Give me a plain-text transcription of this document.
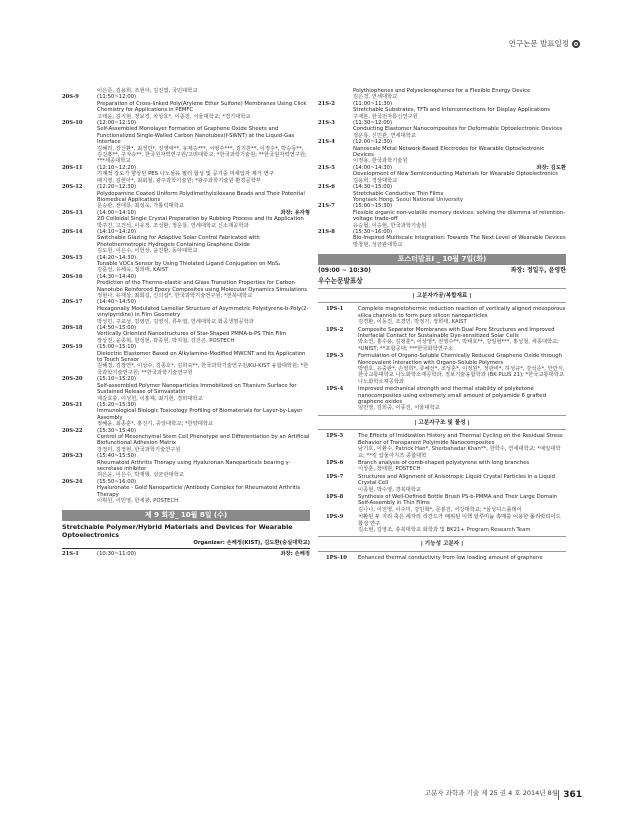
연구논문 발표일정
이은준, 김용희, 조현아, 김진엽, 국민대학교
20S-9	(11:50~12:00)
Preparation of Cross-linked Poly(Arylene Ether Sulfone) Membranes Using Click Chemistry for Applications in PEMFC
고태윤, 김기현, 정보경, 차상호*, 이종진, 서울대학교; *경기대학교
20S-10	(12:00~12:10)
Self-Assembled Monolayer Formation of Graphene Oxide Sheets and Functionalized Single-Walled Carbon Nanotubes(f-SWNT) at the Liquid-Gas Interface
김혜리, 강신환*, 최성민*, 장영애**, 유제승***, 서영수***, 김기찬**, 이정수*, 박승동**, 김진홍**, 구자승**, 한국원자력연구원/고려대학교; *한국과학기술원; **한국원자력연구원; ***세종대학교
20S-11	(12:10~12:20)
기계적 강도가 향상된 PES 나노섬유 필터 합성 및 공기중 미세입자 제거 연구
배지영, 김현아*, 최회철, 광주과학기술원; *광주과학기술원 환경공학부
20S-12	(12:20~12:30)
Polydopamine Coated Uniform Polydimethylsiloxane Beads and Their Potential Biomedical Applications
문승관, 전대룡, 최성욱, 가톨릭대학교
20S-13	(14:00~14:10)	좌장: 유자형
2D Colloidal Single Crystal Preparation by Rubbing Process and Its Application
박주진, 고건석, 이유정, 조성환, 정운룡, 연세대학교 신소재공학과
20S-14	(14:10~14:20)
Switchable Glazing for Adaptive Solar Control Fabricated with Photothermotropic Hydrogels Containing Graphene Oxide
김도원, 이은수, 이헌상, 윤진환, 동아대학교
20S-15	(14:20~14:30)
Tunable VOCs Sensor by Using Thiolated Ligand Conjugation on MoS₂
김준선, 유해욱, 정희태, KAIST
20S-16	(14:30~14:40)
Prediction of the Thermo-elastic and Glass Transition Properties for Carbon Nanotube Reinforced Epoxy Composites using Molecular Dynamics Simulations
정현나, 유재상, 최회길, 신의섭*, 한국과학기술연구원; *전북대학교
20S-17	(14:40~14:50)
Hexagonally Modulated Lamellar Structure of Asymmetric Polystyrene-b-Poly(2-vinylpyridine) in Film Geometry
박성민, 구교성, 김영민, 김영식, 류두열, 연세대학교 화공생명공학과
20S-18	(14:50~15:00)
Vertically Oriented Nanostructures of Star-Shaped PMMA-b-PS Thin Film
장상진, 윤종혁, 한성현, 곽종현, 박지철, 김진곤, POSTECH
20S-19	(15:00~15:10)
Dielectric Elastomer Based on Alkylamine-Modified MWCNT and Its Application to Touch Sensor
김혜경, 김장연*, 이상수, 김종호*, 김희숙**, 한국과학기술연구원/KU-KIST 융합대학원; *한국과학기술연구원; **한국과학기술연구원
20S-20	(15:10~15:20)
Self-assembled Polymer Nanoparticles Immobilized on Titanium Surface for Sustained Release of Simvastatin
제갈호충, 이성헌, 이홍재, 최기현, 경희대학교
20S-21	(15:20~15:30)
Immunological Biologic Toxicology Profiling of Biomaterials for Layer-by-Layer Assembly
정혜윤, 최종훈*, 홍진기, 중앙대학교; *한양대학교
20S-22	(15:30~15:40)
Control of Mesenchymal Stem Cell Phenotype and Differentiation by an Artificial Biofunctional Adhesion Matrix
강정미, 김정현, 한국과학기술연구원
20S-23	(15:40~15:50)
Rheumatoid Arthritis Therapy using Hyaluronan Nanoparticels bearing γ-secretase inhibitor
허은윤, 이은수, 박재형, 성균관대학교
20S-24	(15:50~16:00)
Hyaluronate - Gold Nanoparticle /Antibody Complex for Rheumatoid Arthritis Therapy
이휘원, 이민영, 한세광, POSTECH
제 9 회장_ 10월 8일 (수)
Stretchable Polymer/Hybrid Materials and Devices for Wearable Optoelectronics
Organizer: 손해정(KIST), 김도환(숭실대학교)
21S-1	(10:30~11:00)	좌장: 손해정
Polythiophenes and Polyselenophenes for a Flexible Energy Device
김은경, 연세대학교
21S-2	(11:00~11:30)
Stretchable Substrates, TFTs and Interconnections for Display Applications
구재본, 한국전자통신연구원
21S-3	(11:30~12:00)
Conducting Elastomer Nanocomposites for Deformable Optoelectronic Devices
정운룡, 신민관, 연세대학교
21S-4	(12:00~12:30)
Nanoscale Metal Network-Based Electrodes for Wearable Optoelectronic Devices
이정용, 한국과학기술원
21S-5	(14:00~14:30)	좌장: 김도환
Development of New Semiconducting Materials for Wearable Optoelectronics
김용희, 경상대학교
21S-6	(14:30~15:00)
Stretchable Conductive Thin Films
Yongtaek Hong, Seoul National University
21S-7	(15:00~15:30)
Flexible organic non-volatile memory devices: solving the dilemma of retention-voltage trade-off
유승협, 이승현, 한국과학기술원
21S-8	(15:30~16:00)
Bio-Inspired Multiscale Integration: Towards The Next Level of Wearable Devices
방창현, 성균관대학교
포스터발표Ⅰ _ 10월 7일(화)
(09:00 ~ 10:30)	좌장: 정일두, 윤영한
우수논문발표상
| 고분자가공/복합재료 |
1PS-1	Complete magnetohermic reduction reaction of vertically aligned mesoporous silica channels to form pure silicon nanoparticles
김경환, 이동진, 조경민, 박정기, 정희태, KAIST
1PS-2	Composite Separator Membranes with Dual Pore Structures and Improved Interfacial Contact for Sustainable Dye-sensitized Solar Cells
박소연, 홍수용, 김정훈*, 이상영*, 권영수**, 박태호**, 강일현***, 홍성철, 세종대학교; *UNIST; **포항공대; ***한국화학연구소
1PS-3	Formulation of Organo-Soluble Chemically Reduced Graphene Oxide through Noncovalent Interaction with Organo-Soluble Polymers
박병호, 유중완*, 손영희*, 류혜선*, 조성훈*, 이정원*, 정관비*, 하성규*, 강석준*, 안만식, 한국교통대학교 나노화학소재공학과, 정보기술융합학과 (BK PLUS 21); *한국교통대학교 나노화학소재공학과
1PS-4	Improved mechanical strength and thermal stability of polyketone nanocomposites using extremely small amount of polyamide 6 grafted graphene oxides
임민영, 김희중, 이종진, 서울대학교
| 고분자구조 및 물성 |
1PS-5	The Effects of Imidization History and Thermal Cycling on the Residual Stress Behavior of Transparent Polyimide Nanocomposites
남기호, 이환수, Patrick Han*, Sherbahadar Khan**, 한학수, 연세대학교; *예일대학교; **킹 압둘아지즈 종합대학
1PS-6	Branch analysis of comb-shaped polystyrene with long branches
이상훈, 장태현, POSTECH
1PS-7	Structures and Alignment of Anisotropic Liquid Crystal Particles in a Liquid Crystal Cell
이종현, 박수영, 경북대학교
1PS-8	Synthesis of Well-Defined Bottle Brush PS-b-PMMA and Their Large Domain Self-Assembly in Thin Films
김나나, 이진영, 이수미, 강민혁*, 문봉진, 서강대학교; *삼성디스플레이
1PS-9	치환된 두 지리 축은 세자리 리간드가 배위된 이핵 알루미늄 촉매를 이용한 폴리락티이드 합성 연구
김소현, 김영조, 충북대학교 화학과 및 BK21+ Program Research Team
| 기능성 고분자 |
1PS-10	Enhanced thermal conductivity from low loading amount of graphene
고분자 과학과 기술 제 25 권 4 호 2014년 8월 361
